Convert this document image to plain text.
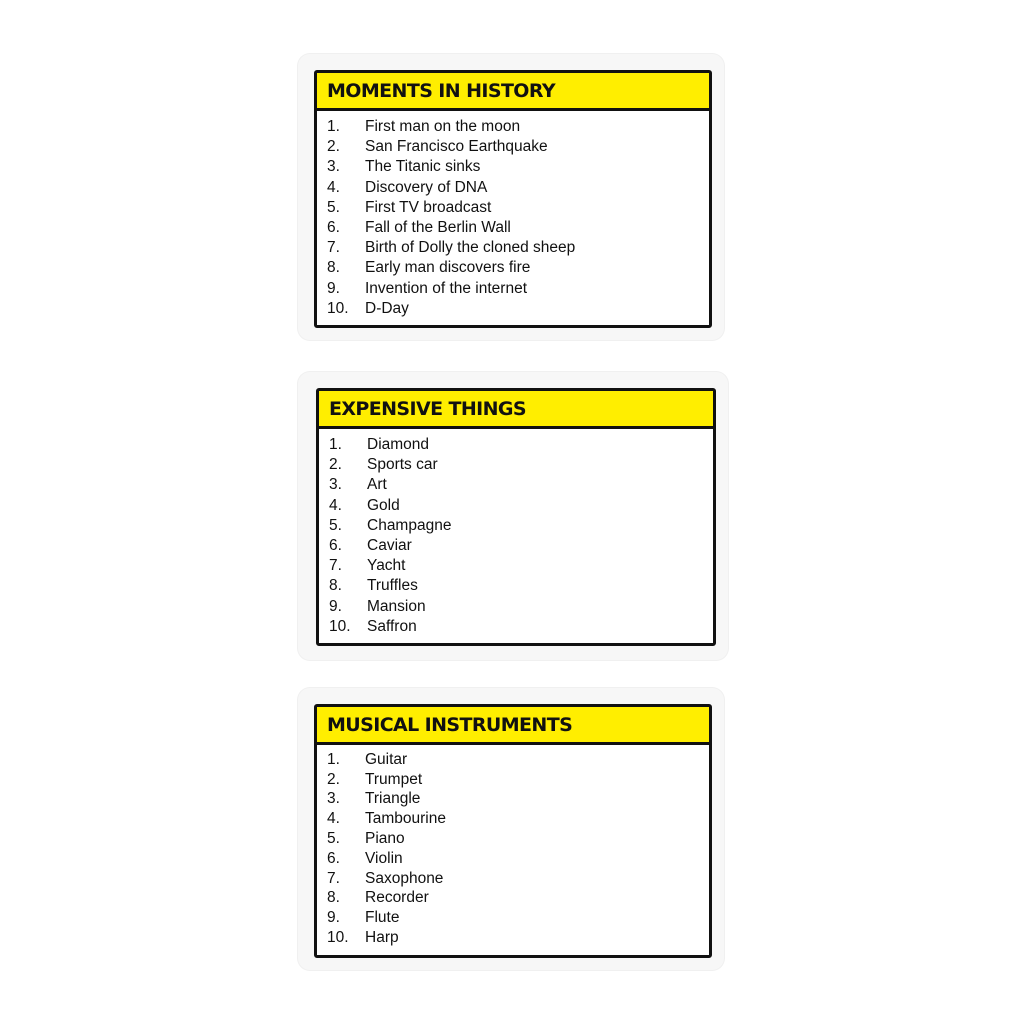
MOMENTS IN HISTORY
1.	First man on the moon
2.	San Francisco Earthquake
3.	The Titanic sinks
4.	Discovery of DNA
5.	First TV broadcast
6.	Fall of the Berlin Wall
7.	Birth of Dolly the cloned sheep
8.	Early man discovers fire
9.	Invention of the internet
10.	D-Day
EXPENSIVE THINGS
1.	Diamond
2.	Sports car
3.	Art
4.	Gold
5.	Champagne
6.	Caviar
7.	Yacht
8.	Truffles
9.	Mansion
10.	Saffron
MUSICAL INSTRUMENTS
1.	Guitar
2.	Trumpet
3.	Triangle
4.	Tambourine
5.	Piano
6.	Violin
7.	Saxophone
8.	Recorder
9.	Flute
10.	Harp
